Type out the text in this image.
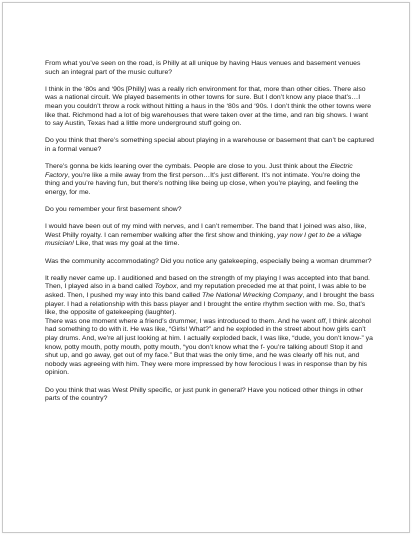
From what you’ve seen on the road, is Philly at all unique by having Haus venues and basement venues such an integral part of the music culture?

I think in the ‘80s and ‘90s [Philly] was a really rich environment for that, more than other cities. There also was a national circuit. We played basements in other towns for sure. But I don’t know any place that’s…I mean you couldn’t throw a rock without hitting a haus in the ‘80s and ‘90s. I don’t think the other towns were like that. Richmond had a lot of big warehouses that were taken over at the time, and ran big shows. I want to say Austin, Texas had a little more underground stuff going on.

Do you think that there’s something special about playing in a warehouse or basement that can’t be captured in a formal venue?

There’s gonna be kids leaning over the cymbals. People are close to you. Just think about the Electric Factory, you’re like a mile away from the first person…It’s just different. It’s not intimate. You’re doing the thing and you’re having fun, but there’s nothing like being up close, when you’re playing, and feeling the energy, for me.

Do you remember your first basement show?

I would have been out of my mind with nerves, and I can’t remember. The band that I joined was also, like, West Philly royalty. I can remember walking after the first show and thinking, yay now I get to be a village musician! Like, that was my goal at the time.

Was the community accommodating? Did you notice any gatekeeping, especially being a woman drummer?

It really never came up. I auditioned and based on the strength of my playing I was accepted into that band. Then, I played also in a band called Toybox, and my reputation preceded me at that point, I was able to be asked. Then, I pushed my way into this band called The National Wrecking Company, and I brought the bass player. I had a relationship with this bass player and I brought the entire rhythm section with me. So, that’s like, the opposite of gatekeeping (laughter).

There was one moment where a friend’s drummer, I was introduced to them. And he went off, I think alcohol had something to do with it. He was like, “Girls! What?” and he exploded in the street about how girls can’t play drums. And, we’re all just looking at him. I actually exploded back, I was like, “dude, you don’t know-” ya know, potty mouth, potty mouth, potty mouth, “you don’t know what the f- you’re talking about! Stop it and shut up, and go away, get out of my face.” But that was the only time, and he was clearly off his nut, and nobody was agreeing with him. They were more impressed by how ferocious I was in response than by his opinion.

Do you think that was West Philly specific, or just punk in general? Have you noticed other things in other parts of the country?
